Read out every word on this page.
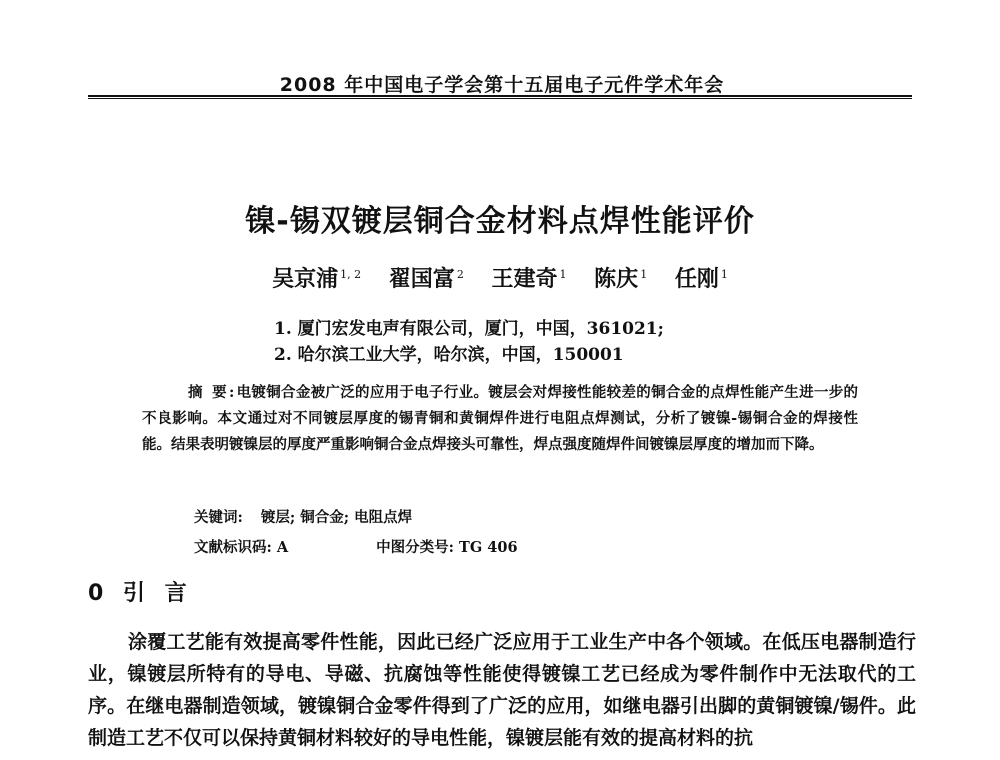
2008 年中国电子学会第十五届电子元件学术年会
镍-锡双镀层铜合金材料点焊性能评价
吴京浦 $^{1, 2}$ 翟国富 $^2$ 王建奇 $^1$ 陈庆 $^1$ 任刚 $^1$
1. 厦门宏发电声有限公司，厦门，中国，361021;
2. 哈尔滨工业大学，哈尔滨，中国，150001
摘 要:电镀铜合金被广泛的应用于电子行业。镀层会对焊接性能较差的铜合金的点焊性能产生进一步的不良影响。本文通过对不同镀层厚度的锡青铜和黄铜焊件进行电阻点焊测试，分析了镀镍-锡铜合金的焊接性能。结果表明镀镍层的厚度严重影响铜合金点焊接头可靠性，焊点强度随焊件间镀镍层厚度的增加而下降。
关键词: 镀层; 铜合金; 电阻点焊
文献标识码: A	中图分类号: TG 406
0 引 言
涂覆工艺能有效提高零件性能，因此已经广泛应用于工业生产中各个领域。在低压电器制造行业，镍镀层所特有的导电、导磁、抗腐蚀等性能使得镀镍工艺已经成为零件制作中无法取代的工序。在继电器制造领域，镀镍铜合金零件得到了广泛的应用，如继电器引出脚的黄铜镀镍/锡件。此制造工艺不仅可以保持黄铜材料较好的导电性能，镍镀层能有效的提高材料的抗
